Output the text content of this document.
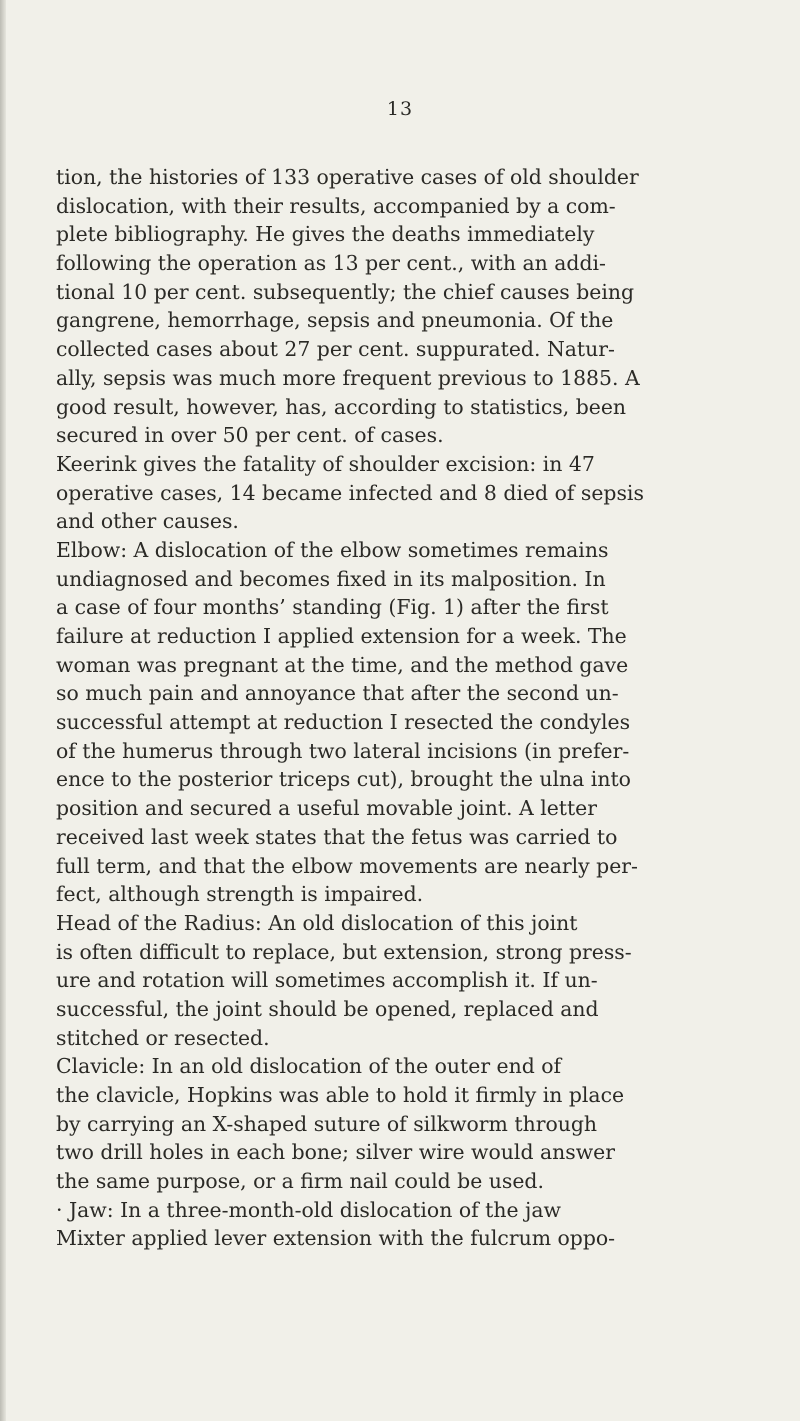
13
tion, the histories of 133 operative cases of old shoulder
dislocation, with their results, accompanied by a com-
plete bibliography. He gives the deaths immediately
following the operation as 13 per cent., with an addi-
tional 10 per cent. subsequently; the chief causes being
gangrene, hemorrhage, sepsis and pneumonia. Of the
collected cases about 27 per cent. suppurated. Natur-
ally, sepsis was much more frequent previous to 1885. A
good result, however, has, according to statistics, been
secured in over 50 per cent. of cases.
Keerink gives the fatality of shoulder excision: in 47
operative cases, 14 became infected and 8 died of sepsis
and other causes.
Elbow: A dislocation of the elbow sometimes remains
undiagnosed and becomes fixed in its malposition. In
a case of four months’ standing (Fig. 1) after the first
failure at reduction I applied extension for a week. The
woman was pregnant at the time, and the method gave
so much pain and annoyance that after the second un-
successful attempt at reduction I resected the condyles
of the humerus through two lateral incisions (in prefer-
ence to the posterior triceps cut), brought the ulna into
position and secured a useful movable joint. A letter
received last week states that the fetus was carried to
full term, and that the elbow movements are nearly per-
fect, although strength is impaired.
Head of the Radius: An old dislocation of this joint
is often difficult to replace, but extension, strong press-
ure and rotation will sometimes accomplish it. If un-
successful, the joint should be opened, replaced and
stitched or resected.
Clavicle: In an old dislocation of the outer end of
the clavicle, Hopkins was able to hold it firmly in place
by carrying an X-shaped suture of silkworm through
two drill holes in each bone; silver wire would answer
the same purpose, or a firm nail could be used.
· Jaw: In a three-month-old dislocation of the jaw
Mixter applied lever extension with the fulcrum oppo-
